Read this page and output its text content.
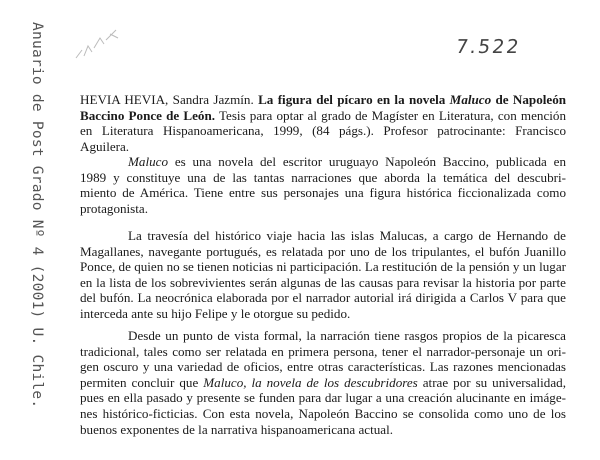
Anuario de Post Grado Nº 4 (2001) U. Chile.	7.522
HEVIA HEVIA, Sandra Jazmín. La figura del pícaro en la novela Maluco de Napoleón
Baccino Ponce de León. Tesis para optar al grado de Magíster en Literatura, con mención
en Literatura Hispanoamericana, 1999, (84 págs.). Profesor patrocinante: Francisco Aguilera.
Maluco es una novela del escritor uruguayo Napoleón Baccino, publicada en
1989 y constituye una de las tantas narraciones que aborda la temática del descubri-
miento de América. Tiene entre sus personajes una figura histórica ficcionalizada como
protagonista.
La travesía del histórico viaje hacia las islas Malucas, a cargo de Hernando de
Magallanes, navegante portugués, es relatada por uno de los tripulantes, el bufón Juanillo
Ponce, de quien no se tienen noticias ni participación. La restitución de la pensión y un lugar
en la lista de los sobrevivientes serán algunas de las causas para revisar la historia por parte
del bufón. La neocrónica elaborada por el narrador autorial irá dirigida a Carlos V para que
interceda ante su hijo Felipe y le otorgue su pedido.
Desde un punto de vista formal, la narración tiene rasgos propios de la picaresca
tradicional, tales como ser relatada en primera persona, tener el narrador-personaje un ori-
gen oscuro y una variedad de oficios, entre otras características. Las razones mencionadas
permiten concluir que Maluco, la novela de los descubridores atrae por su universalidad,
pues en ella pasado y presente se funden para dar lugar a una creación alucinante en imáge-
nes histórico-ficticias. Con esta novela, Napoleón Baccino se consolida como uno de los
buenos exponentes de la narrativa hispanoamericana actual.
